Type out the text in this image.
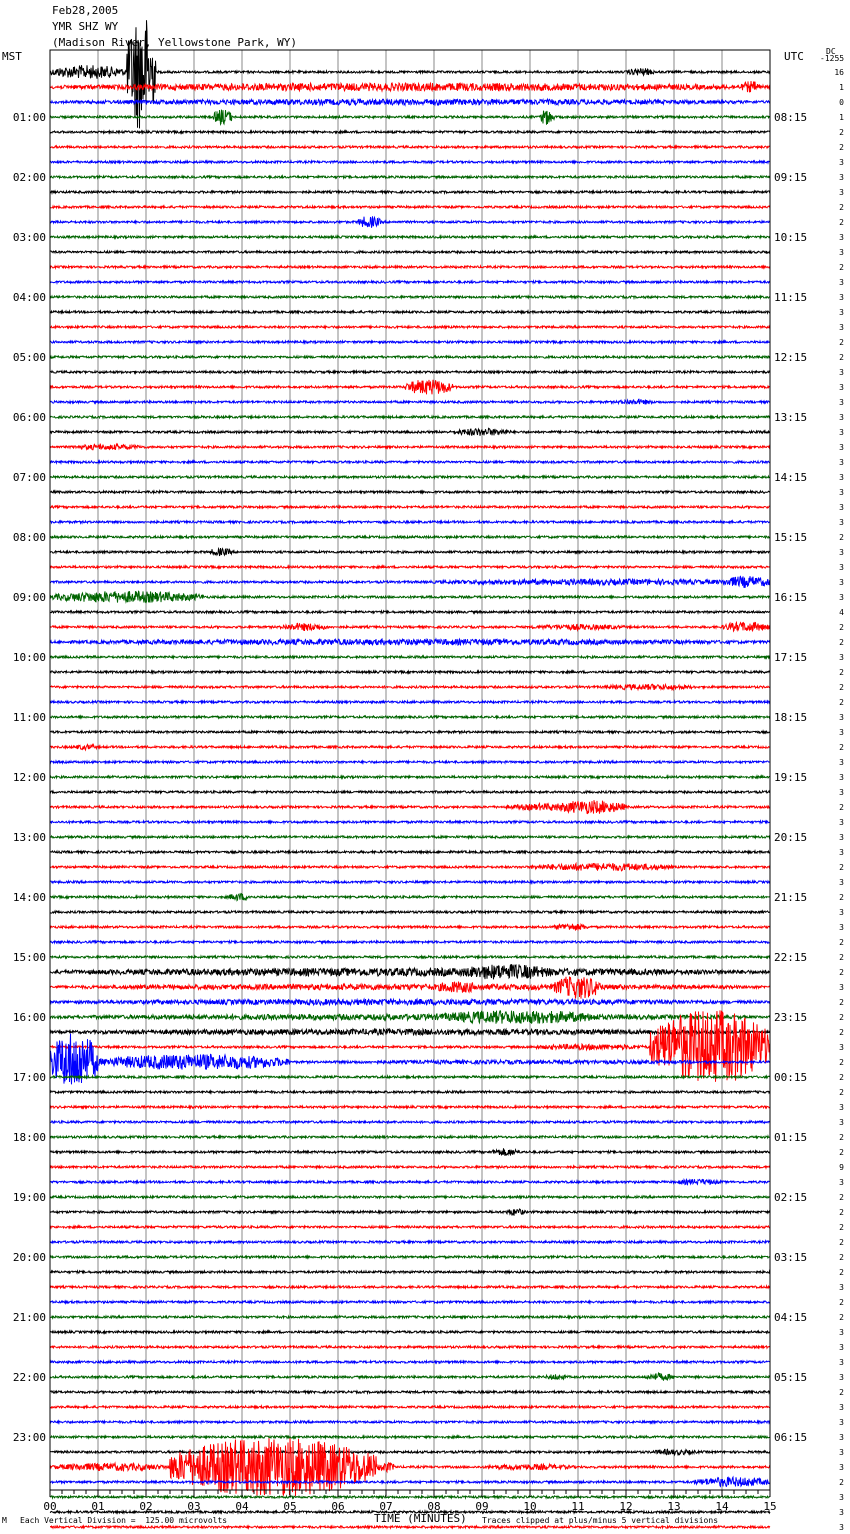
00	01	02	03	04	05	06	07	08	09	10	11	12	13	14	15
01:00
02:00
03:00
04:00
05:00
06:00
07:00
08:00
09:00
10:00
11:00
12:00
13:00
14:00
15:00
16:00
17:00
18:00
19:00
20:00
21:00
22:00
23:00
08:15
09:15
10:15
11:15
12:15
13:15
14:15
15:15
16:15
17:15
18:15
19:15
20:15
21:15
22:15
23:15
00:15
01:15
02:15
03:15
04:15
05:15
06:15
16
1
0
1
2
2
3
3
3
2
2
3
3
2
3
3
3
3
2
2
3
3
3
3
3
3
3
3
3
3
3
2
3
3
3
3
4
2
2
3
2
2
2
3
3
2
3
3
3
2
3
3
3
2
3
2
3
3
2
2
2
3
2
2
2
3
2
2
2
3
3
2
2
9
3
2
2
2
2
2
2
3
2
2
3
3
3
3
2
3
3
3
3
3
2
3
3
3
Feb28,2005
YMR SHZ WY
(Madison River, Yellowstone Park, WY)
MST	UTC	DC
-1255
M Each Vertical Division =  125.00 microvolts	TIME (MINUTES) Traces clipped at plus/minus 5 vertical divisions
